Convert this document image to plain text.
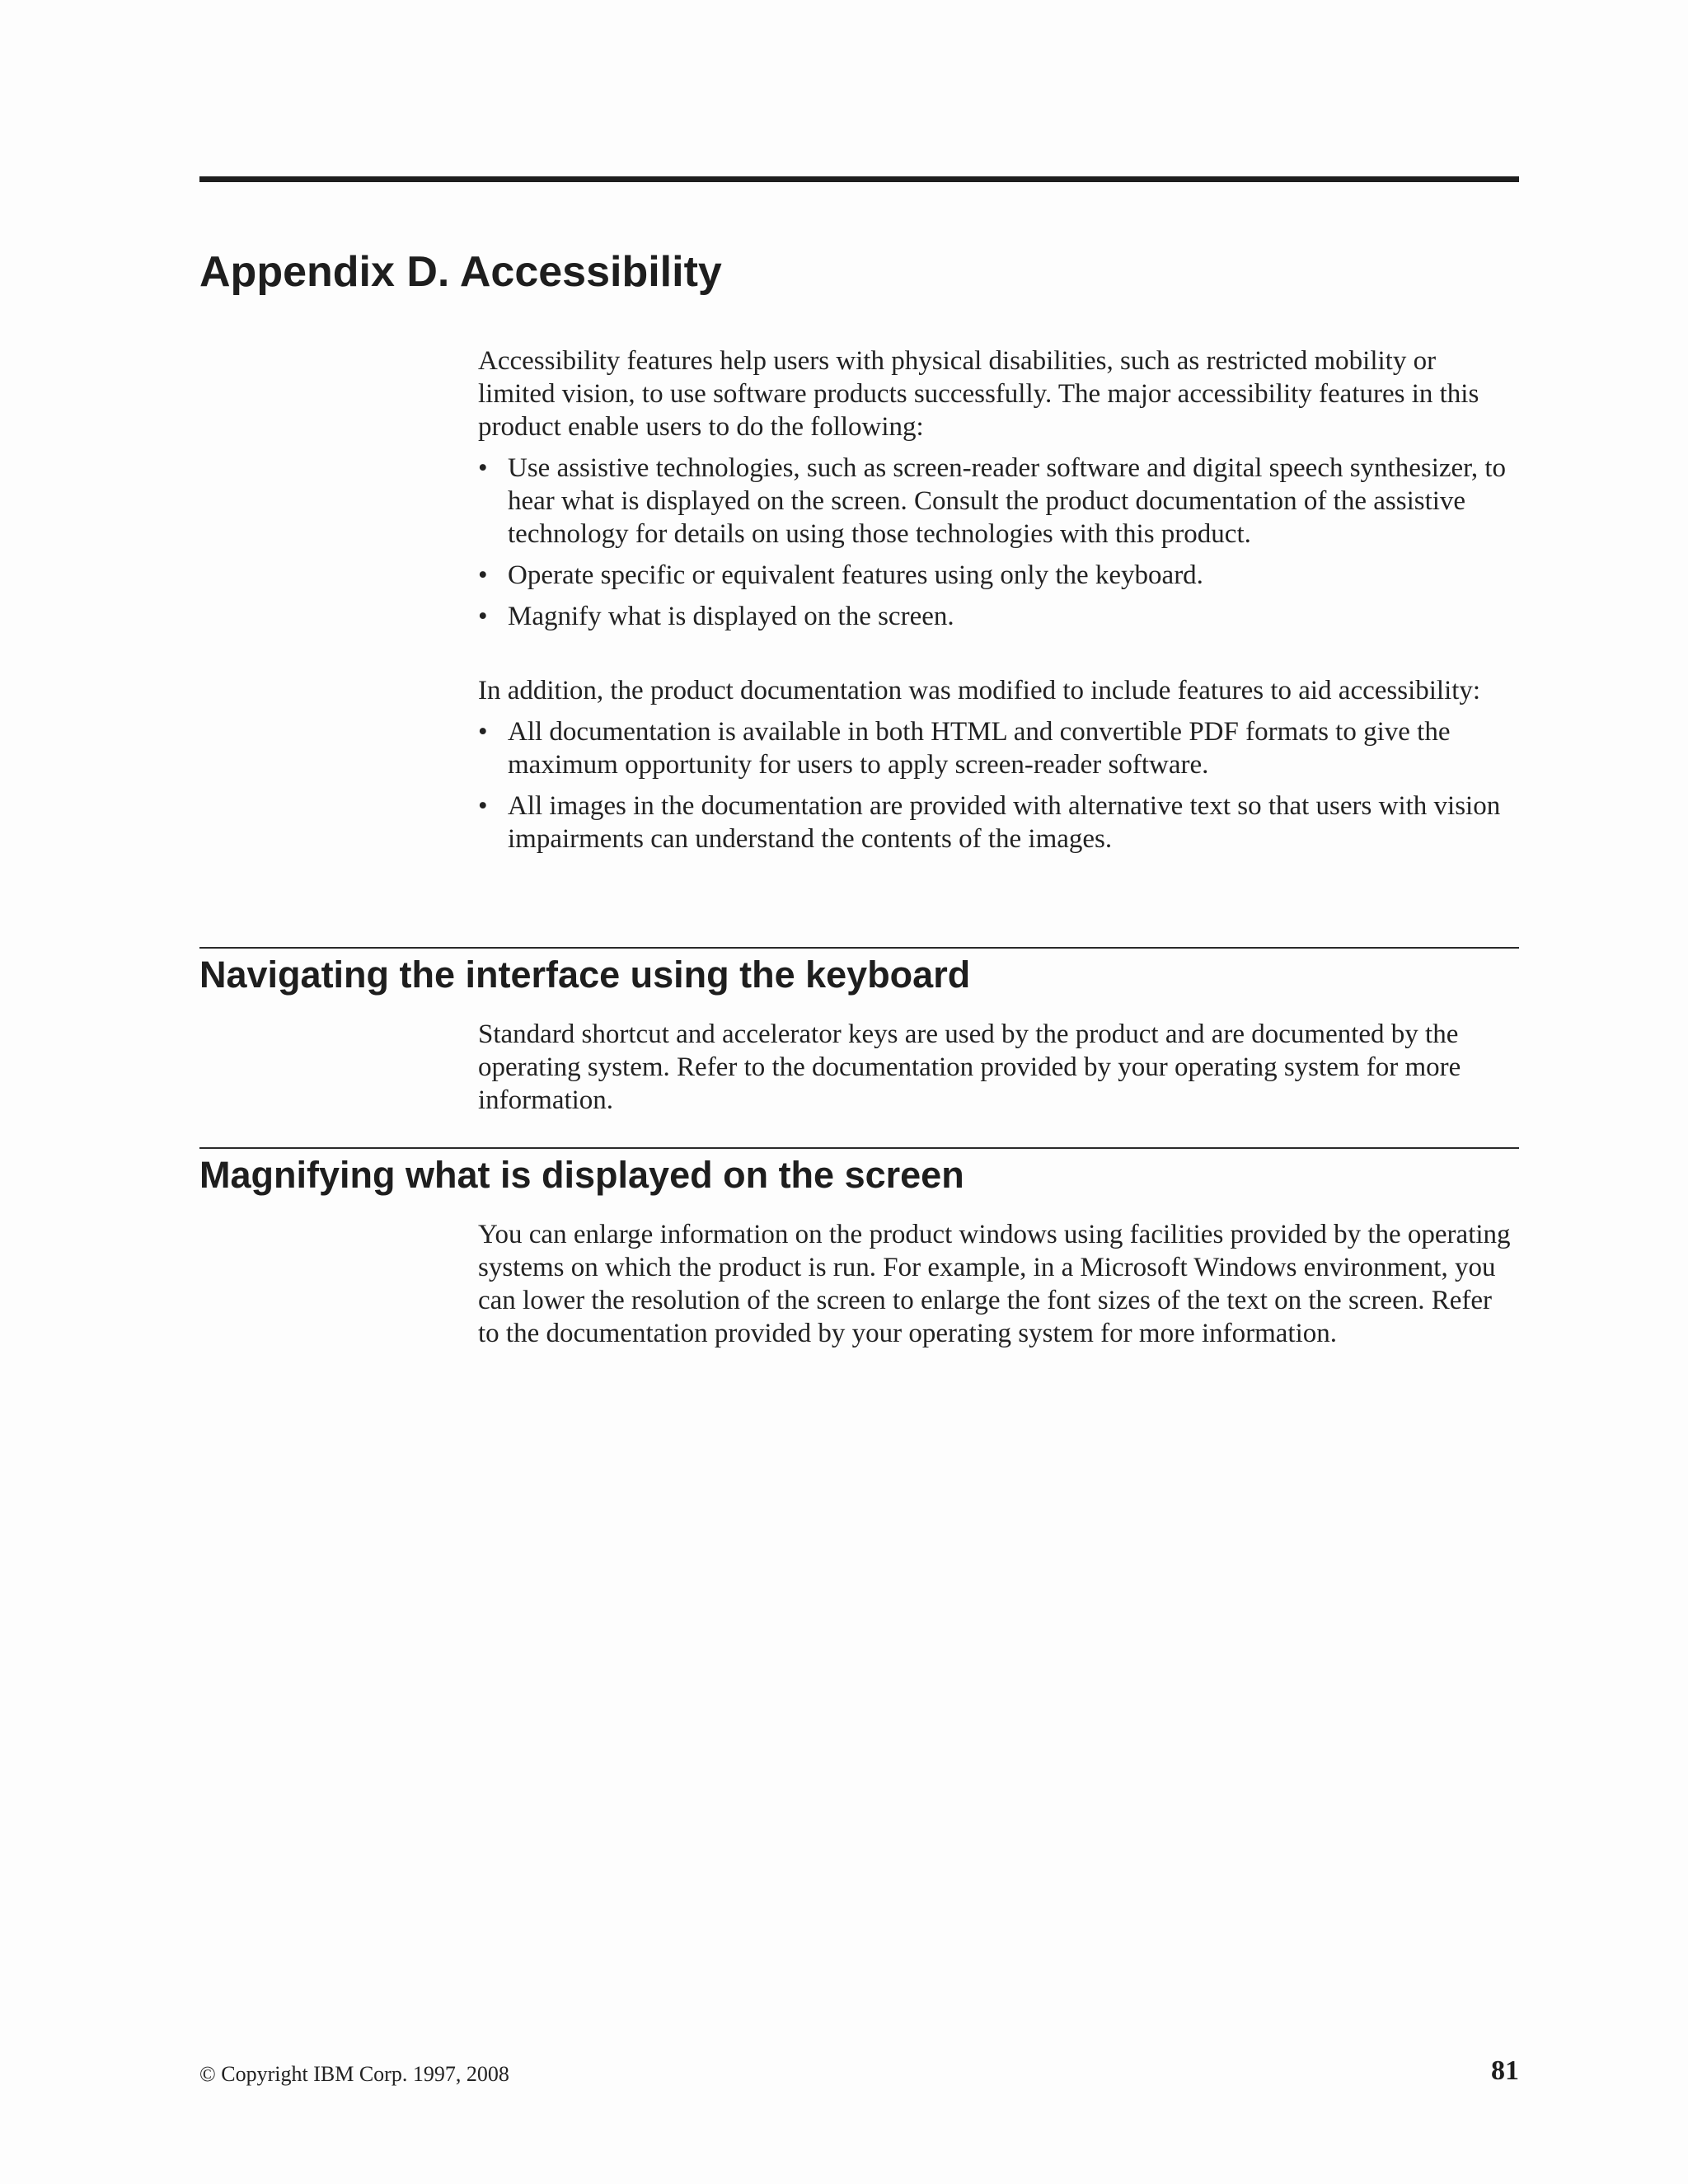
Appendix D. Accessibility

Accessibility features help users with physical disabilities, such as restricted mobility or limited vision, to use software products successfully. The major accessibility features in this product enable users to do the following:

• Use assistive technologies, such as screen-reader software and digital speech synthesizer, to hear what is displayed on the screen. Consult the product documentation of the assistive technology for details on using those technologies with this product.
• Operate specific or equivalent features using only the keyboard.
• Magnify what is displayed on the screen.

In addition, the product documentation was modified to include features to aid accessibility:

• All documentation is available in both HTML and convertible PDF formats to give the maximum opportunity for users to apply screen-reader software.
• All images in the documentation are provided with alternative text so that users with vision impairments can understand the contents of the images.
Navigating the interface using the keyboard

Standard shortcut and accelerator keys are used by the product and are documented by the operating system. Refer to the documentation provided by your operating system for more information.

Magnifying what is displayed on the screen

You can enlarge information on the product windows using facilities provided by the operating systems on which the product is run. For example, in a Microsoft Windows environment, you can lower the resolution of the screen to enlarge the font sizes of the text on the screen. Refer to the documentation provided by your operating system for more information.

© Copyright IBM Corp. 1997, 2008	81
